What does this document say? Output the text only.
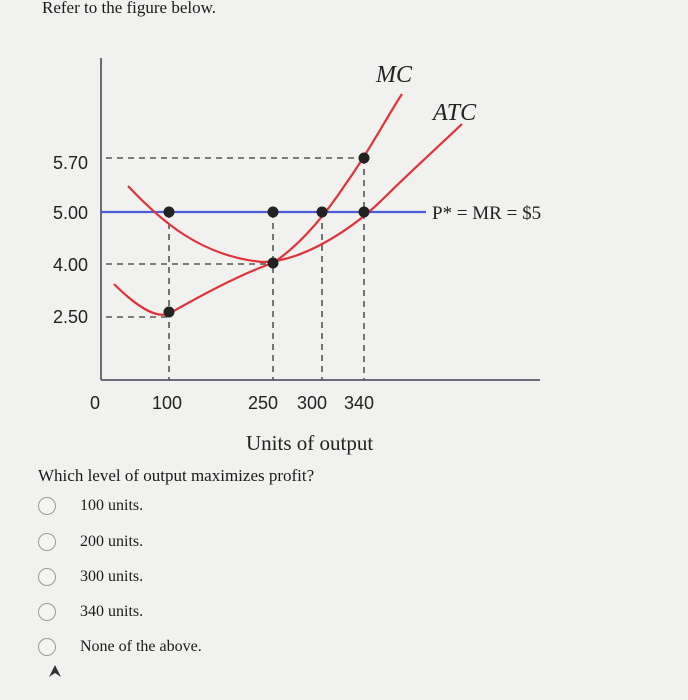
Refer to the figure below.
5.70
5.00
4.00
2.50
MC
ATC
P* = MR = $5
0	100	250 300 340
Units of output
Which level of output maximizes profit?
100 units.
200 units.
300 units.
340 units.
None of the above.
